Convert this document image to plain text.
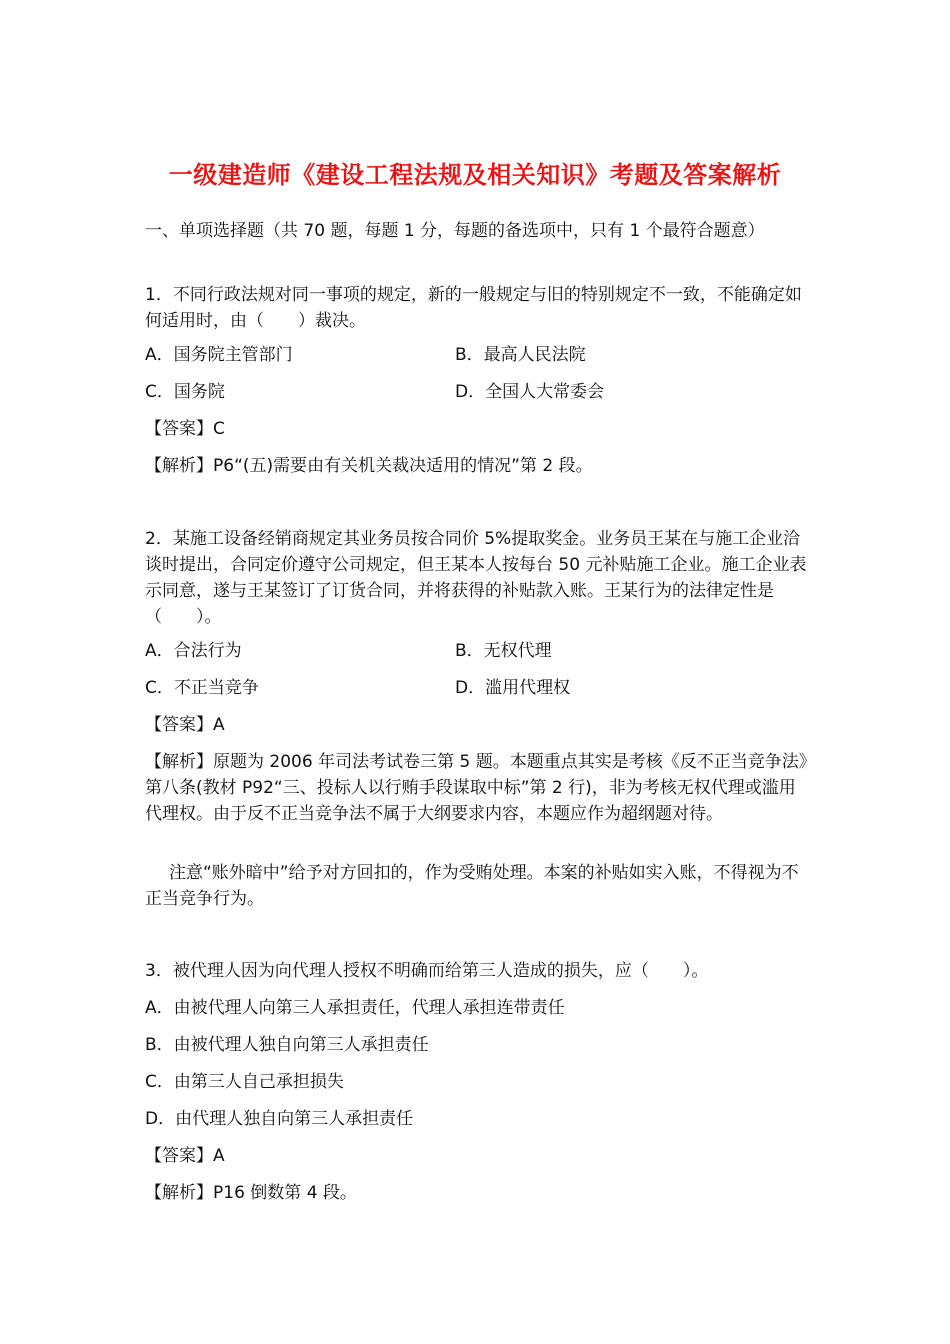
一级建造师《建设工程法规及相关知识》考题及答案解析

一、单项选择题（共 70 题，每题 1 分，每题的备选项中，只有 1 个最符合题意）

1．不同行政法规对同一事项的规定，新的一般规定与旧的特别规定不一致，不能确定如何适用时，由（　　）裁决。

A．国务院主管部门	B．最高人民法院
C．国务院	D．全国人大常委会
【答案】C
【解析】P6“(五)需要由有关机关裁决适用的情况”第 2 段。

2．某施工设备经销商规定其业务员按合同价 5%提取奖金。业务员王某在与施工企业洽谈时提出，合同定价遵守公司规定，但王某本人按每台 50 元补贴施工企业。施工企业表示同意，遂与王某签订了订货合同，并将获得的补贴款入账。王某行为的法律定性是（　　）。

A．合法行为	B．无权代理
C．不正当竞争	D．滥用代理权
【答案】A

【解析】原题为 2006 年司法考试卷三第 5 题。本题重点其实是考核《反不正当竞争法》第八条(教材 P92“三、投标人以行贿手段谋取中标”第 2 行)，非为考核无权代理或滥用代理权。由于反不正当竞争法不属于大纲要求内容，本题应作为超纲题对待。

注意“账外暗中”给予对方回扣的，作为受贿处理。本案的补贴如实入账，不得视为不正当竞争行为。

3．被代理人因为向代理人授权不明确而给第三人造成的损失，应（　　）。
A．由被代理人向第三人承担责任，代理人承担连带责任
B．由被代理人独自向第三人承担责任
C．由第三人自己承担损失
D．由代理人独自向第三人承担责任
【答案】A
【解析】P16 倒数第 4 段。
